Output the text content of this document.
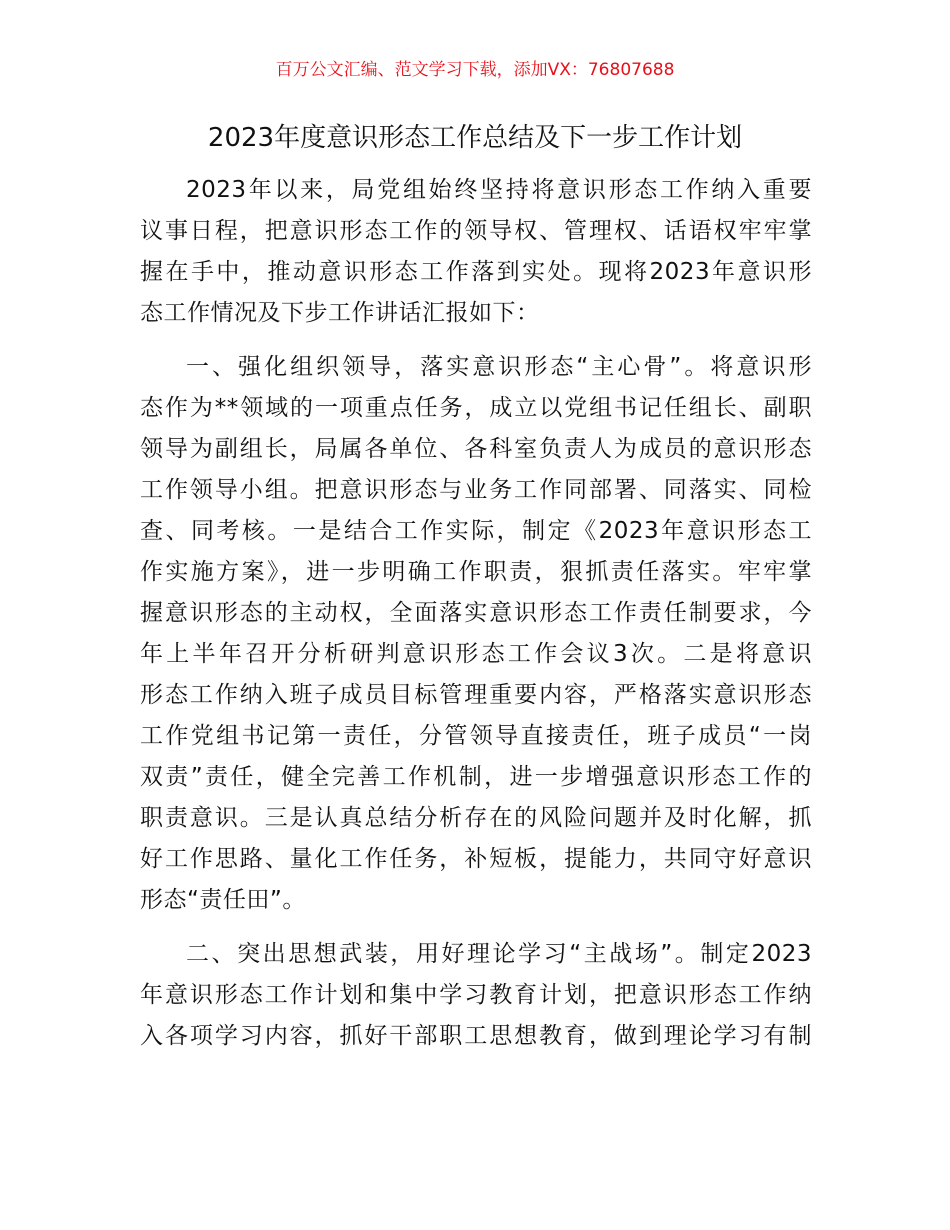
百万公文汇编、范文学习下载，添加VX：76807688
2023年度意识形态工作总结及下一步工作计划
2023年以来，局党组始终坚持将意识形态工作纳入重要
议事日程，把意识形态工作的领导权、管理权、话语权牢牢掌
握在手中，推动意识形态工作落到实处。现将2023年意识形
态工作情况及下步工作讲话汇报如下：
一、强化组织领导，落实意识形态“主心骨”。将意识形
态作为**领域的一项重点任务，成立以党组书记任组长、副职
领导为副组长，局属各单位、各科室负责人为成员的意识形态
工作领导小组。把意识形态与业务工作同部署、同落实、同检
查、同考核。一是结合工作实际，制定《2023年意识形态工
作实施方案》，进一步明确工作职责，狠抓责任落实。牢牢掌
握意识形态的主动权，全面落实意识形态工作责任制要求，今
年上半年召开分析研判意识形态工作会议3次。二是将意识
形态工作纳入班子成员目标管理重要内容，严格落实意识形态
工作党组书记第一责任，分管领导直接责任，班子成员“一岗
双责”责任，健全完善工作机制，进一步增强意识形态工作的
职责意识。三是认真总结分析存在的风险问题并及时化解，抓
好工作思路、量化工作任务，补短板，提能力，共同守好意识
形态“责任田”。
二、突出思想武装，用好理论学习“主战场”。制定2023
年意识形态工作计划和集中学习教育计划，把意识形态工作纳
入各项学习内容，抓好干部职工思想教育，做到理论学习有制
